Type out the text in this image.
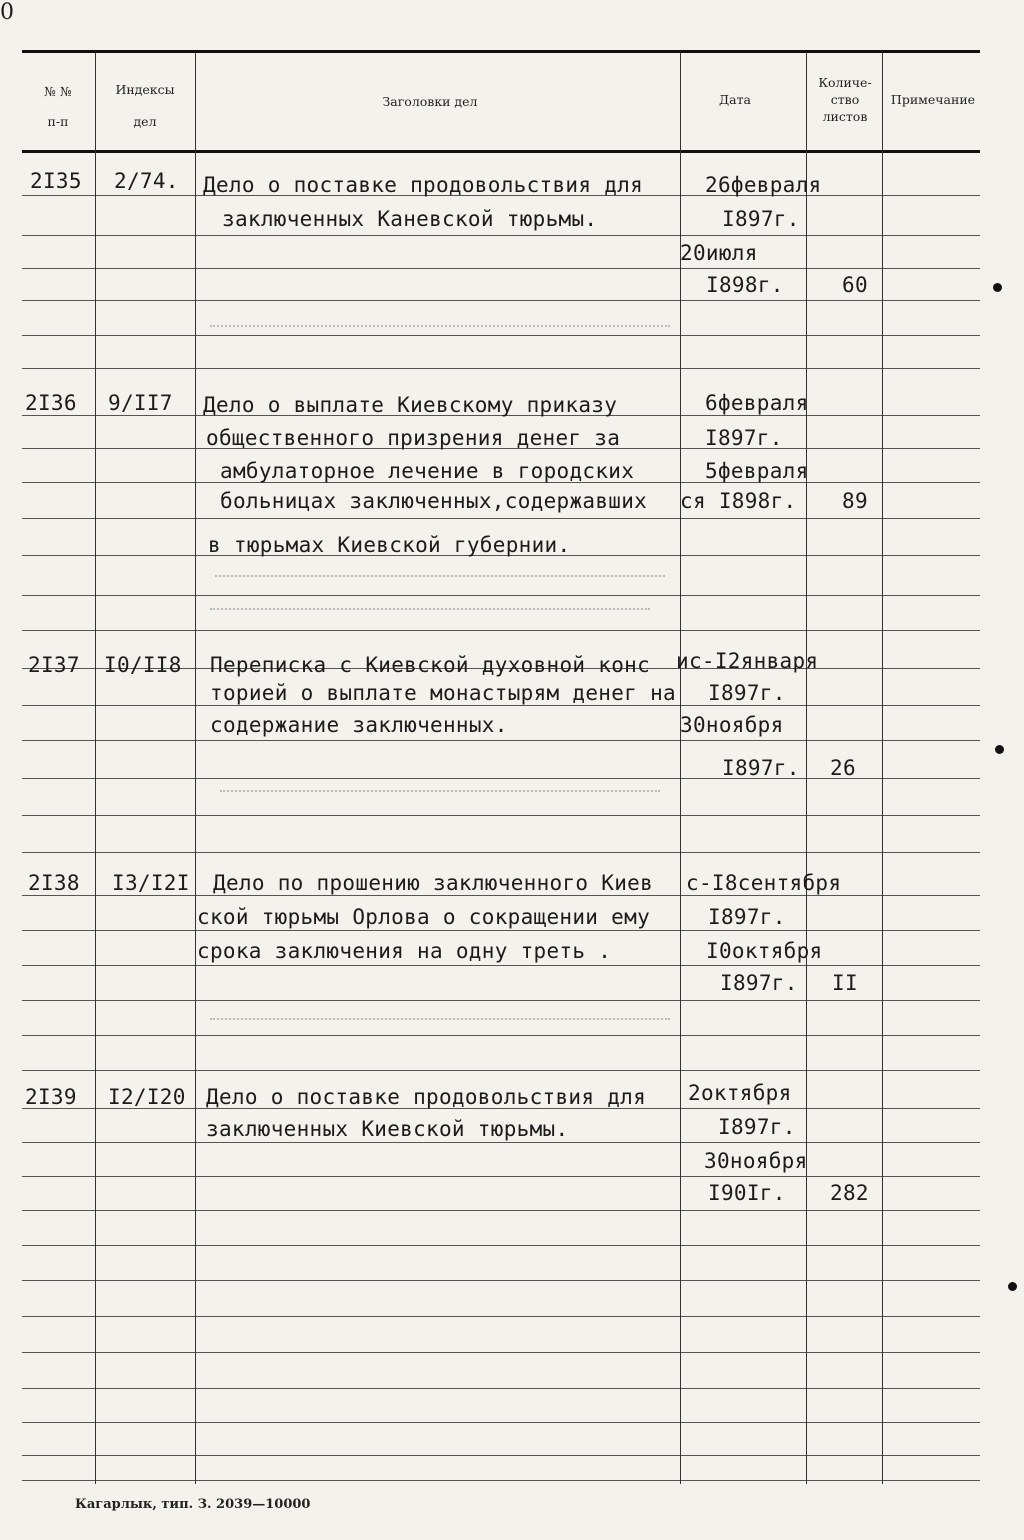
0
№ №
п-п
Индексы
дел
Заголовки дел	Дата
Количе-
ство
листов
Примечание
2I35 2/74. Дело о поставке продовольствия для
заключенных Каневской тюрьмы.
26февраля
I897г.
20июля
I898г.	60
2I36 9/II7 Дело о выплате Киевскому приказу
общественного призрения денег за
амбулаторное лечение в городских
больницах заключенных,содержавших
в тюрьмах Киевской губернии.
6февраля
I897г.
5февраля
ся I898г. 89
2I37 I0/II8 Переписка с Киевской духовной конс
торией о выплате монастырям денег на
содержание заключенных.
ис-I2января
I897г.
30ноября
I897г. 26
2I38 I3/I2I Дело по прошению заключенного Киев
ской тюрьмы Орлова о сокращении ему
срока заключения на одну треть .
с-I8сентября
I897г.
I0октября
I897г. II
2I39 I2/I20 Дело о поставке продовольствия для
заключенных Киевской тюрьмы.
2октября
I897г.
30ноября
I90Iг. 282
Кагарлык, тип. З. 2039—10000
